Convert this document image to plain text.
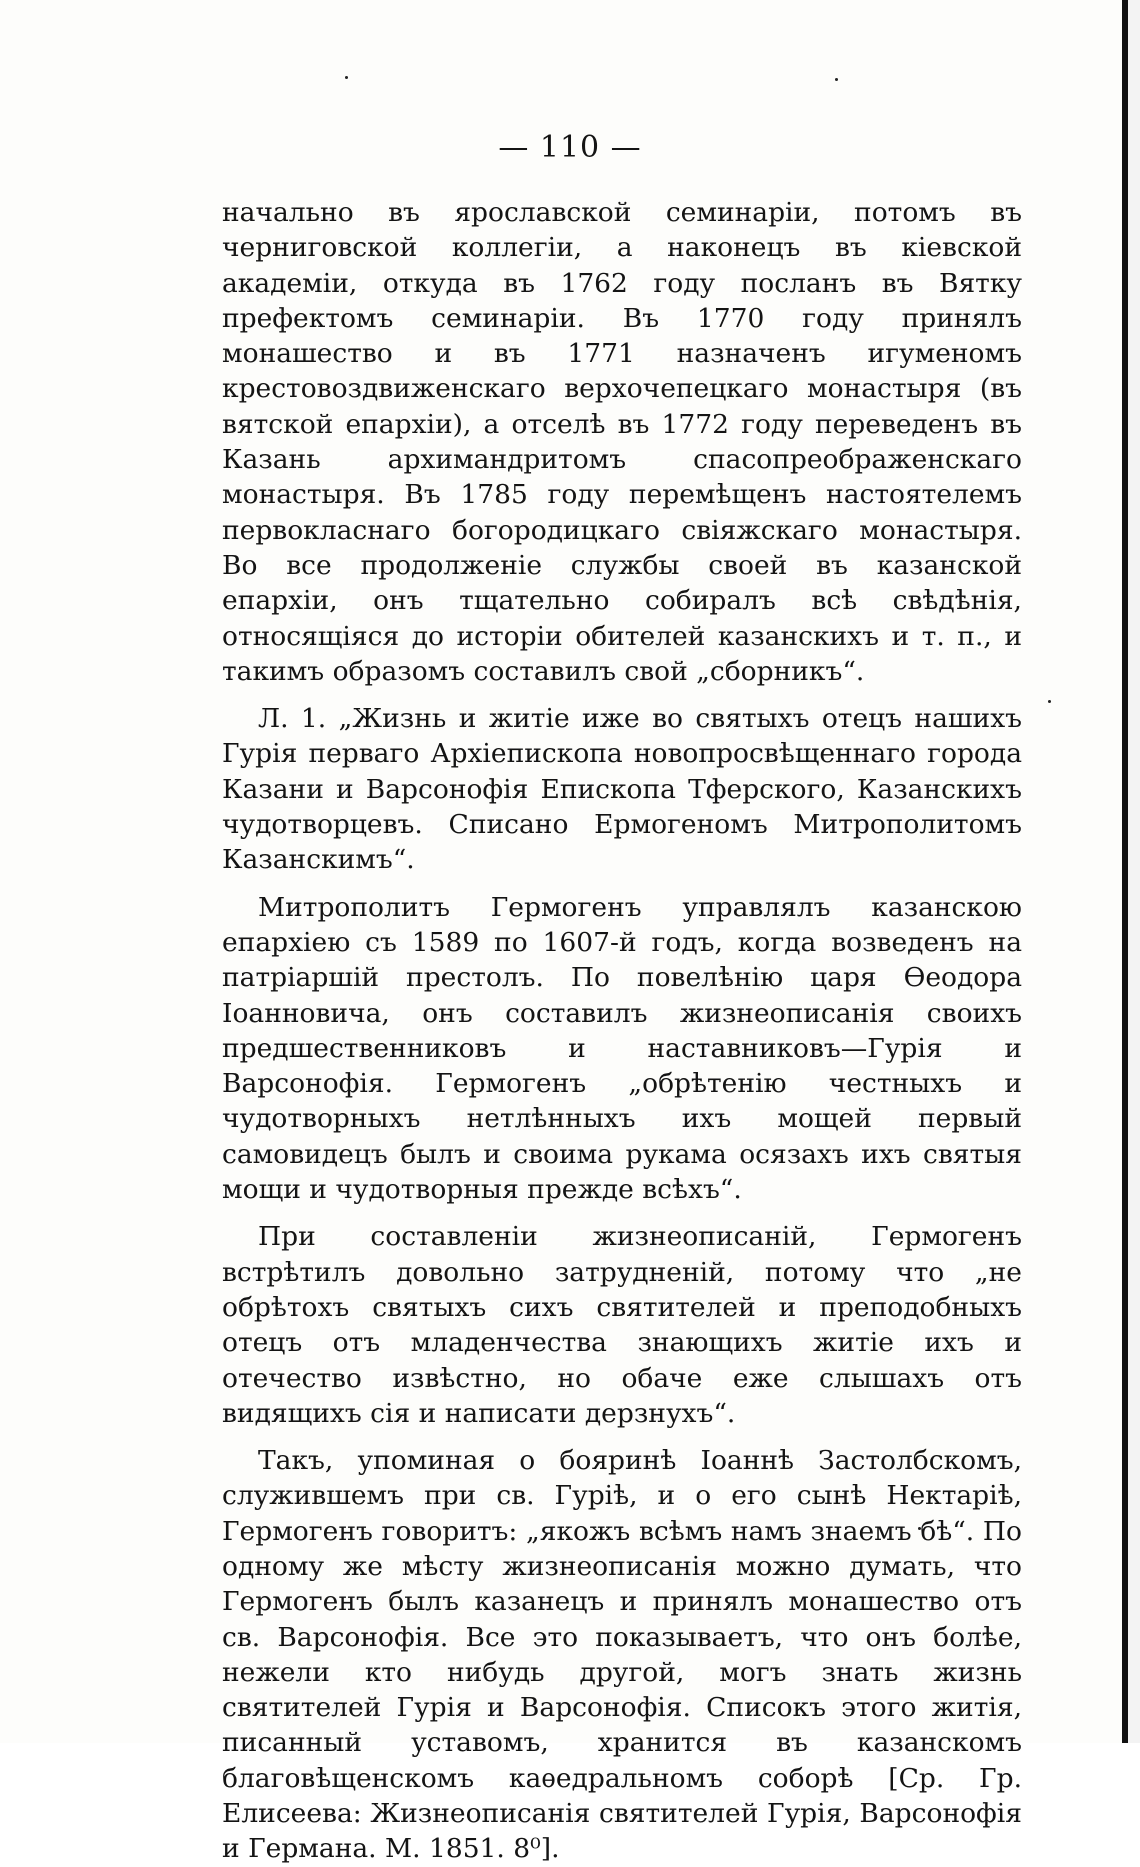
— 110 —

начально въ ярославской семинаріи, потомъ въ черниговской коллегіи, а наконецъ въ кіевской академіи, откуда въ 1762 году посланъ въ Вятку префектомъ семинаріи. Въ 1770 году принялъ монашество и въ 1771 назначенъ игуменомъ крестовоздвиженскаго верхочепецкаго монастыря (въ вятской епархіи), а отселѣ въ 1772 году переведенъ въ Казань архимандритомъ спасопреображенскаго монастыря. Въ 1785 году перемѣщенъ настоятелемъ первокласнаго богородицкаго свіяжскаго монастыря. Во все продолженіе службы своей въ казанской епархіи, онъ тщательно собиралъ всѣ свѣдѣнія, относящіяся до исторіи обителей казанскихъ и т. п., и такимъ образомъ составилъ свой „сборникъ“.

Л. 1. „Жизнь и житіе иже во святыхъ отецъ нашихъ Гурія перваго Архіепископа новопросвѣщеннаго города Казани и Варсонофія Епископа Тферского, Казанскихъ чудотворцевъ. Списано Ермогеномъ Митрополитомъ Казанскимъ“.

Митрополитъ Гермогенъ управлялъ казанскою епархіею съ 1589 по 1607-й годъ, когда возведенъ на патріаршій престолъ. По повелѣнію царя Ѳеодора Іоанновича, онъ составилъ жизнеописанія своихъ предшественниковъ и наставниковъ—Гурія и Варсонофія. Гермогенъ „обрѣтенію честныхъ и чудотворныхъ нетлѣнныхъ ихъ мощей первый самовидецъ былъ и своима рукама осязахъ ихъ святыя мощи и чудотворныя прежде всѣхъ“.

При составленіи жизнеописаній, Гермогенъ встрѣтилъ довольно затрудненій, потому что „не обрѣтохъ святыхъ сихъ святителей и преподобныхъ отецъ отъ младенчества знающихъ житіе ихъ и отечество извѣстно, но обаче еже слышахъ отъ видящихъ сія и написати дерзнухъ“.

Такъ, упоминая о бояринѣ Іоаннѣ Застолбскомъ, служившемъ при св. Гуріѣ, и о его сынѣ Нектаріѣ, Гермогенъ говоритъ: „якожъ всѣмъ намъ знаемъ бѣ“. По одному же мѣсту жизнеописанія можно думать, что Гермогенъ былъ казанецъ и принялъ монашество отъ св. Варсонофія. Все это показываетъ, что онъ болѣе, нежели кто нибудь другой, могъ знать жизнь святителей Гурія и Варсонофія. Списокъ этого житія, писанный уставомъ, хранится въ казанскомъ благовѣщенскомъ каѳедральномъ соборѣ [Ср. Гр. Елисеева: Жизнеописанія святителей Гурія, Варсонофія и Германа. М. 1851. 8⁰].
